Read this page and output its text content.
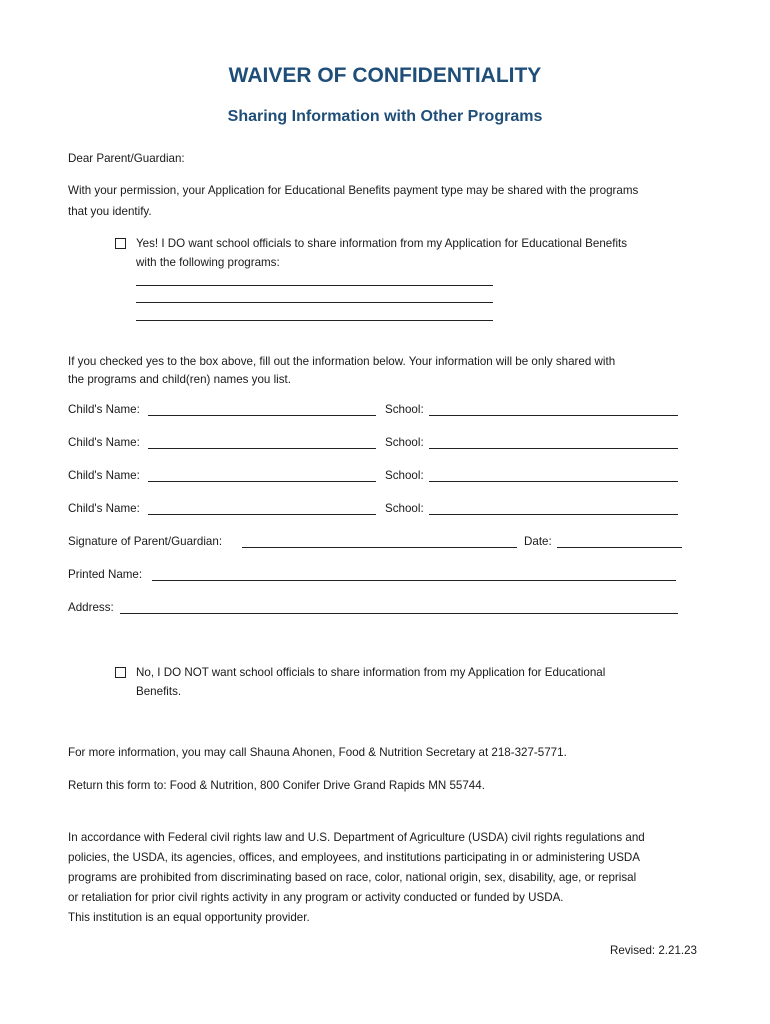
WAIVER OF CONFIDENTIALITY
Sharing Information with Other Programs
Dear Parent/Guardian:
With your permission, your Application for Educational Benefits payment type may be shared with the programs
that you identify.
Yes! I DO want school officials to share information from my Application for Educational Benefits
with the following programs:
If you checked yes to the box above, fill out the information below. Your information will be only shared with
the programs and child(ren) names you list.
Child's Name:	School:
Child's Name:	School:
Child's Name:	School:
Child's Name:	School:
Signature of Parent/Guardian:	Date:
Printed Name:
Address:
No, I DO NOT want school officials to share information from my Application for Educational
Benefits.
For more information, you may call Shauna Ahonen, Food & Nutrition Secretary at 218-327-5771.
Return this form to: Food & Nutrition, 800 Conifer Drive Grand Rapids MN 55744.
In accordance with Federal civil rights law and U.S. Department of Agriculture (USDA) civil rights regulations and
policies, the USDA, its agencies, offices, and employees, and institutions participating in or administering USDA
programs are prohibited from discriminating based on race, color, national origin, sex, disability, age, or reprisal
or retaliation for prior civil rights activity in any program or activity conducted or funded by USDA.
This institution is an equal opportunity provider.
Revised: 2.21.23
